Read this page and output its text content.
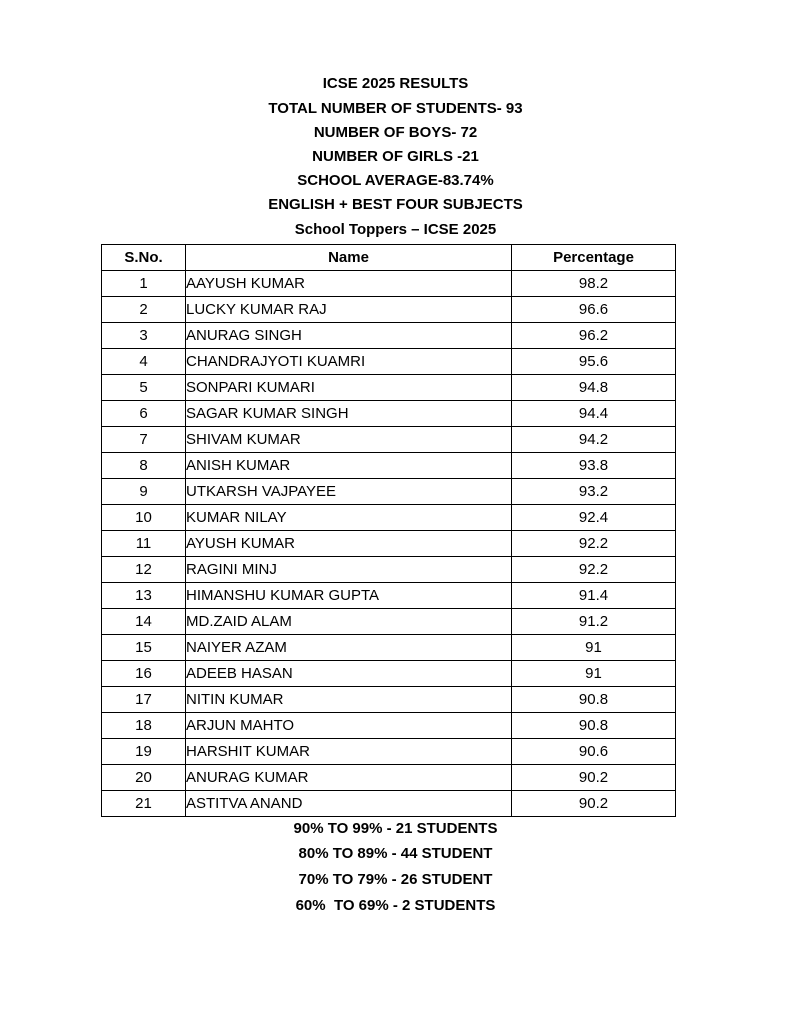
ICSE 2025 RESULTS
TOTAL NUMBER OF STUDENTS- 93
NUMBER OF BOYS- 72
NUMBER OF GIRLS -21
SCHOOL AVERAGE-83.74%
ENGLISH + BEST FOUR SUBJECTS
School Toppers – ICSE 2025
S.No.	Name	Percentage
1	AAYUSH KUMAR	98.2
2	LUCKY KUMAR RAJ	96.6
3	ANURAG SINGH	96.2
4	CHANDRAJYOTI KUAMRI	95.6
5	SONPARI KUMARI	94.8
6	SAGAR KUMAR SINGH	94.4
7	SHIVAM KUMAR	94.2
8	ANISH KUMAR	93.8
9	UTKARSH VAJPAYEE	93.2
10	KUMAR NILAY	92.4
11	AYUSH KUMAR	92.2
12	RAGINI MINJ	92.2
13	HIMANSHU KUMAR GUPTA	91.4
14	MD.ZAID ALAM	91.2
15	NAIYER AZAM	91
16	ADEEB HASAN	91
17	NITIN KUMAR	90.8
18	ARJUN MAHTO	90.8
19	HARSHIT KUMAR	90.6
20	ANURAG KUMAR	90.2
21	ASTITVA ANAND	90.2
90% TO 99% - 21 STUDENTS
80% TO 89% - 44 STUDENT
70% TO 79% - 26 STUDENT
60%  TO 69% - 2 STUDENTS
